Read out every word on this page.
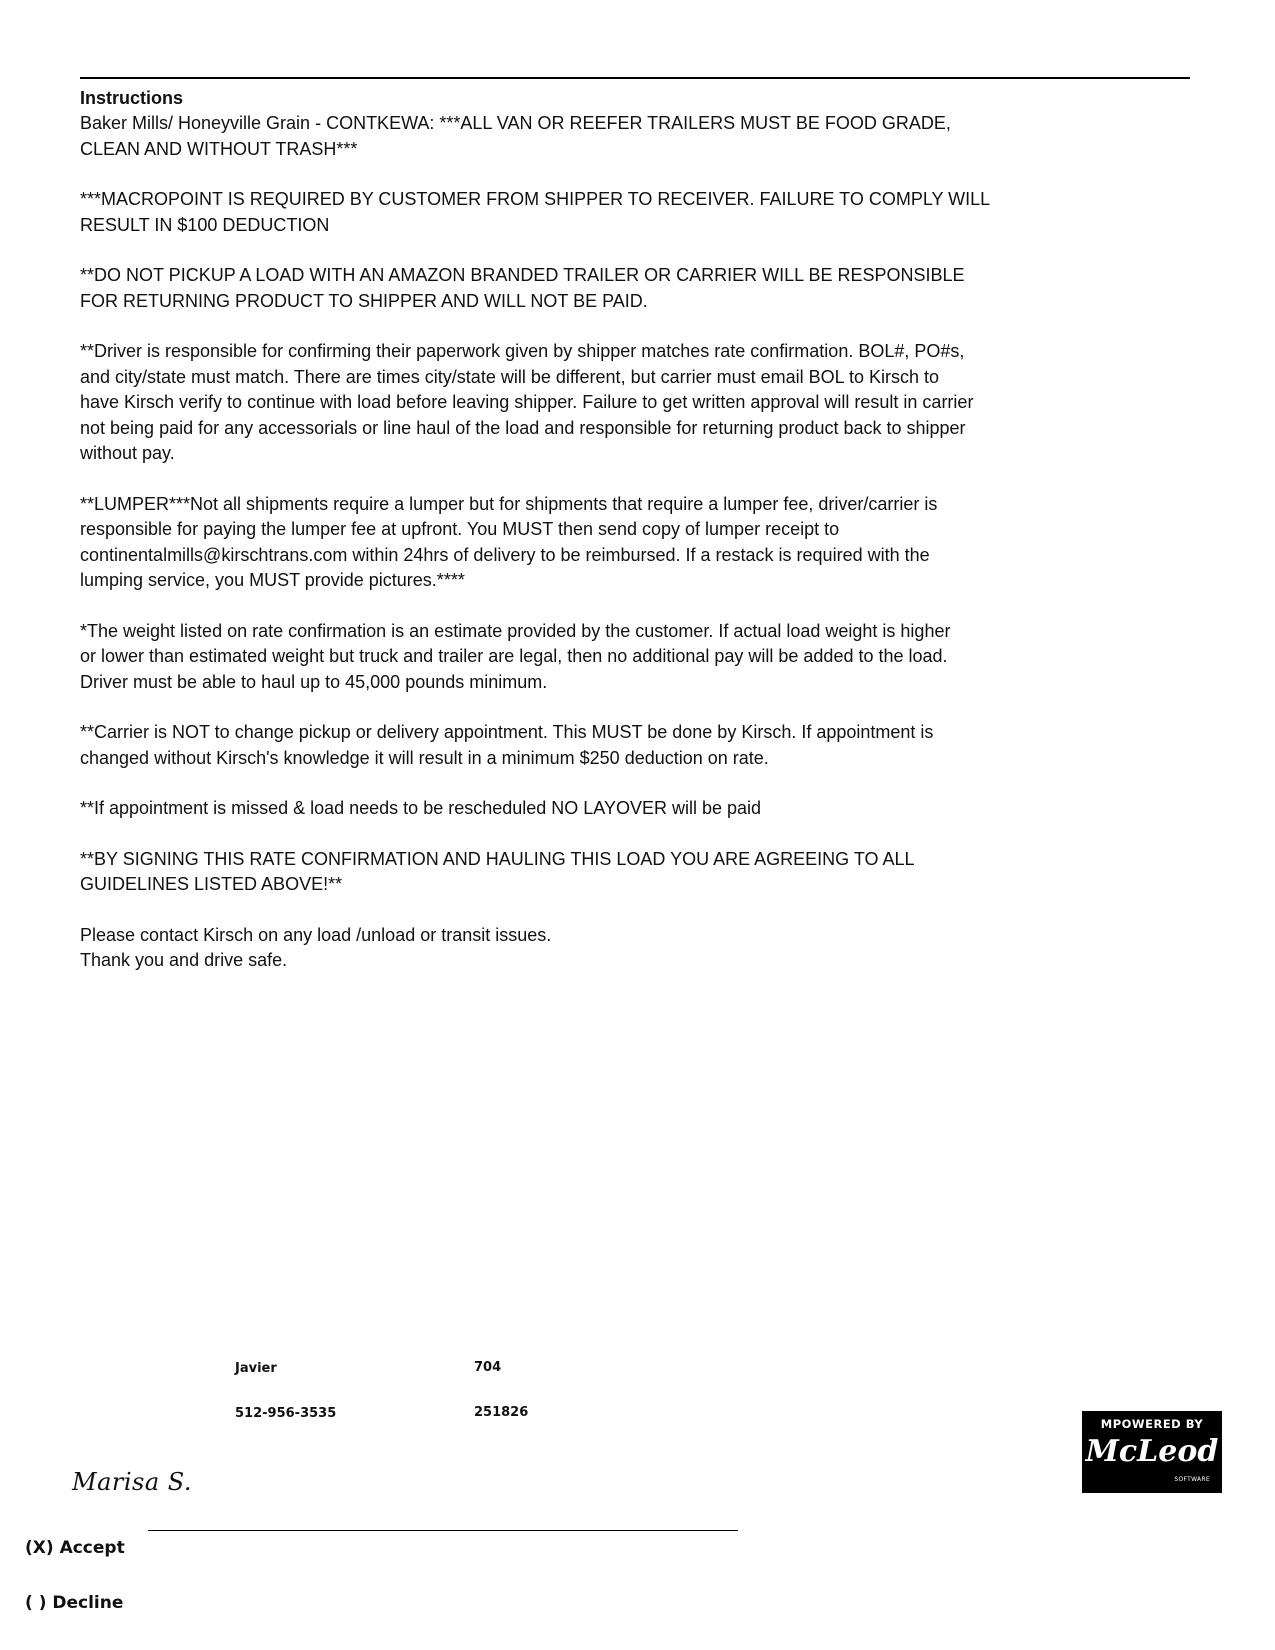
Instructions

Baker Mills/ Honeyville Grain - CONTKEWA: ***ALL VAN OR REEFER TRAILERS MUST BE FOOD GRADE,
CLEAN AND WITHOUT TRASH***

***MACROPOINT IS REQUIRED BY CUSTOMER FROM SHIPPER TO RECEIVER. FAILURE TO COMPLY WILL
RESULT IN $100 DEDUCTION

**DO NOT PICKUP A LOAD WITH AN AMAZON BRANDED TRAILER OR CARRIER WILL BE RESPONSIBLE
FOR RETURNING PRODUCT TO SHIPPER AND WILL NOT BE PAID.

**Driver is responsible for confirming their paperwork given by shipper matches rate confirmation. BOL#, PO#s,
and city/state must match. There are times city/state will be different, but carrier must email BOL to Kirsch to
have Kirsch verify to continue with load before leaving shipper. Failure to get written approval will result in carrier
not being paid for any accessorials or line haul of the load and responsible for returning product back to shipper
without pay.

**LUMPER***Not all shipments require a lumper but for shipments that require a lumper fee, driver/carrier is
responsible for paying the lumper fee at upfront. You MUST then send copy of lumper receipt to
continentalmills@kirschtrans.com within 24hrs of delivery to be reimbursed. If a restack is required with the
lumping service, you MUST provide pictures.****

*The weight listed on rate confirmation is an estimate provided by the customer. If actual load weight is higher
or lower than estimated weight but truck and trailer are legal, then no additional pay will be added to the load.
Driver must be able to haul up to 45,000 pounds minimum.

**Carrier is NOT to change pickup or delivery appointment. This MUST be done by Kirsch. If appointment is
changed without Kirsch's knowledge it will result in a minimum $250 deduction on rate.

**If appointment is missed & load needs to be rescheduled NO LAYOVER will be paid

**BY SIGNING THIS RATE CONFIRMATION AND HAULING THIS LOAD YOU ARE AGREEING TO ALL
GUIDELINES LISTED ABOVE!**

Please contact Kirsch on any load /unload or transit issues.
Thank you and drive safe.

Javier	704
512-956-3535	251826
Marisa S.
(X) Accept
( ) Decline
MPOWERED BY
McLeod
SOFTWARE
